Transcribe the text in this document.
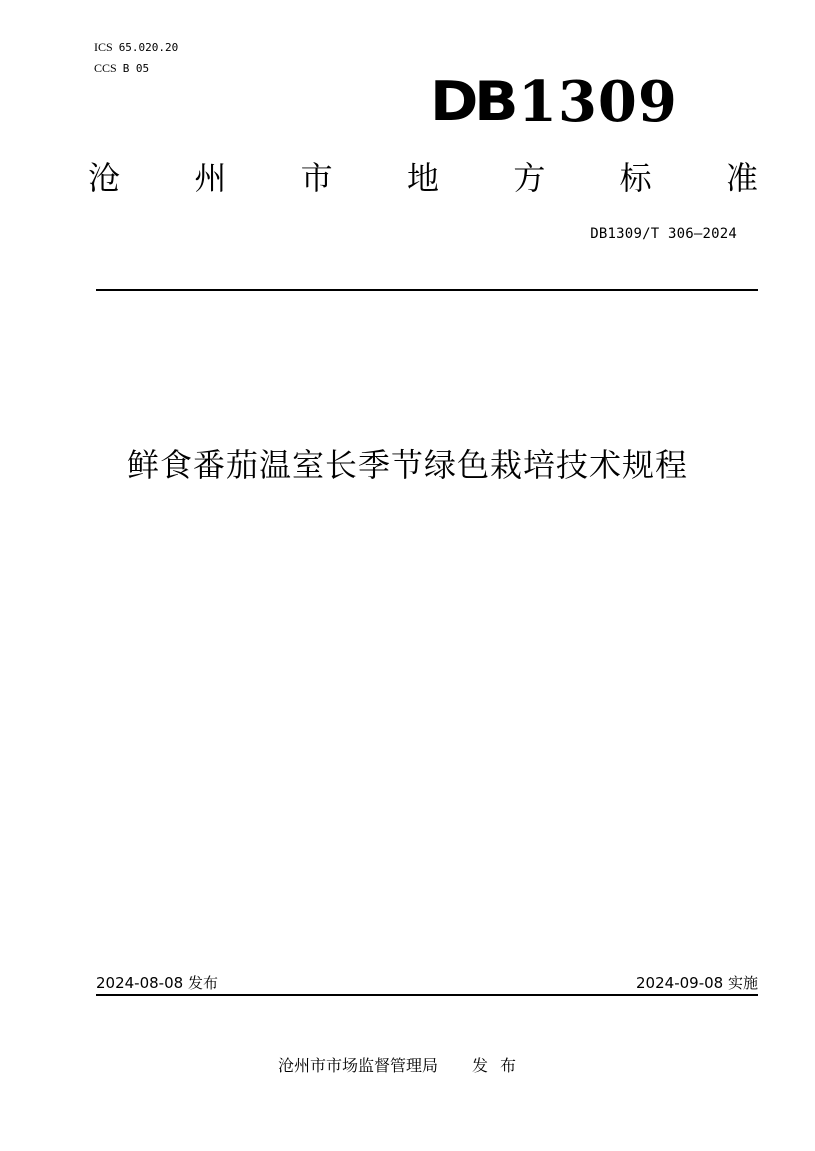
ICS 65.020.20
CCS B 05
DB 1309
沧 州 市 地 方 标 准
DB1309/T 306—2024
鲜食番茄温室长季节绿色栽培技术规程
2024-08-08 发布	2024-09-08 实施
沧州市市场监督管理局 发布
